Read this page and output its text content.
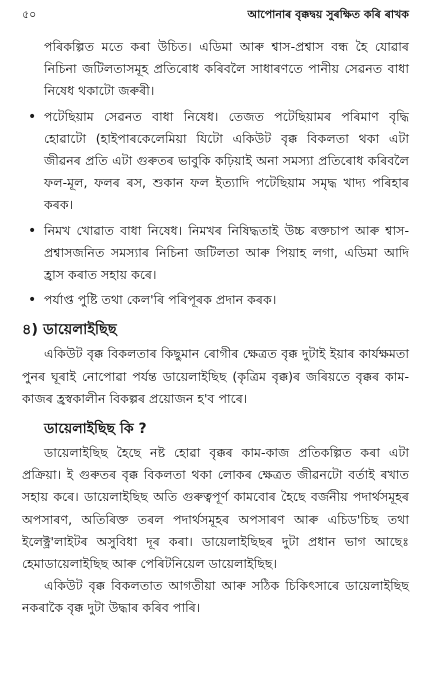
৫০	আপোনাৰ বৃক্কদ্বয় সুৰক্ষিত কৰি ৰাখক

পৰিকল্পিত মতে কৰা উচিত। এডিমা আৰু শ্বাস-প্ৰশ্বাস বন্ধ হৈ যোৱাৰ নিচিনা জটিলতাসমূহ প্ৰতিৰোধ কৰিবলৈ সাধাৰণতে পানীয় সেৱনত বাধা নিষেধ থকাটো জৰুৰী।

• পটেছিয়াম সেৱনত বাধা নিষেধ। তেজত পটেছিয়ামৰ পৰিমাণ বৃদ্ধি হোৱাটো (হাইপাৰকেলেমিয়া যিটো একিউট বৃক্ক বিকলতা থকা এটা জীৱনৰ প্ৰতি এটা গুৰুতৰ ভাবুকি কঢ়িয়াই অনা সমস্যা প্ৰতিৰোধ কৰিবলৈ ফল-মূল, ফলৰ ৰস, শুকান ফল ইত্যাদি পটেছিয়াম সমৃদ্ধ খাদ্য পৰিহাৰ কৰক।

• নিমখ খোৱাত বাধা নিষেধ। নিমখৰ নিষিদ্ধতাই উচ্চ ৰক্তচাপ আৰু শ্বাস-প্ৰশ্বাসজনিত সমস্যাৰ নিচিনা জটিলতা আৰু পিয়াহ লগা, এডিমা আদি হ্ৰাস কৰাত সহায় কৰে।

• পৰ্যাপ্ত পুষ্টি তথা কেল'ৰি পৰিপূৰক প্ৰদান কৰক।

৪) ডায়েলাইছিছ

একিউট বৃক্ক বিকলতাৰ কিছুমান ৰোগীৰ ক্ষেত্ৰত বৃক্ক দুটাই ইয়াৰ কাৰ্যক্ষমতা পুনৰ ঘূৰাই নোপোৱা পৰ্যন্ত ডায়েলাইছিছ (কৃত্ৰিম বৃক্ক)ৰ জৰিয়তে বৃক্কৰ কাম-কাজৰ হ্ৰস্বকালীন বিকল্পৰ প্ৰয়োজন হ'ব পাৰে।

ডায়েলাইছিছ কি ?

ডায়েলাইছিছ হৈছে নষ্ট হোৱা বৃক্কৰ কাম-কাজ প্ৰতিকল্পিত কৰা এটা প্ৰক্ৰিয়া। ই গুৰুতৰ বৃক্ক বিকলতা থকা লোকৰ ক্ষেত্ৰত জীৱনটো বৰ্তাই ৰখাত সহায় কৰে। ডায়েলাইছিছ অতি গুৰুত্বপূৰ্ণ কামবোৰ হৈছে বৰ্জনীয় পদাৰ্থসমূহৰ অপসাৰণ, অতিৰিক্ত তৰল পদাৰ্থসমূহৰ অপসাৰণ আৰু এচিড'চিছ তথা ইলেক্ট্ৰ'লাইটৰ অসুবিধা দূৰ কৰা। ডায়েলাইছিছৰ দুটা প্ৰধান ভাগ আছেঃ হেমাডায়েলাইছিছ আৰু পেৰিটনিয়েল ডায়েলাইছিছ।

একিউট বৃক্ক বিকলতাত আগতীয়া আৰু সঠিক চিকিৎসাৰে ডায়েলাইছিছ নকৰাকৈ বৃক্ক দুটা উদ্ধাৰ কৰিব পাৰি।
